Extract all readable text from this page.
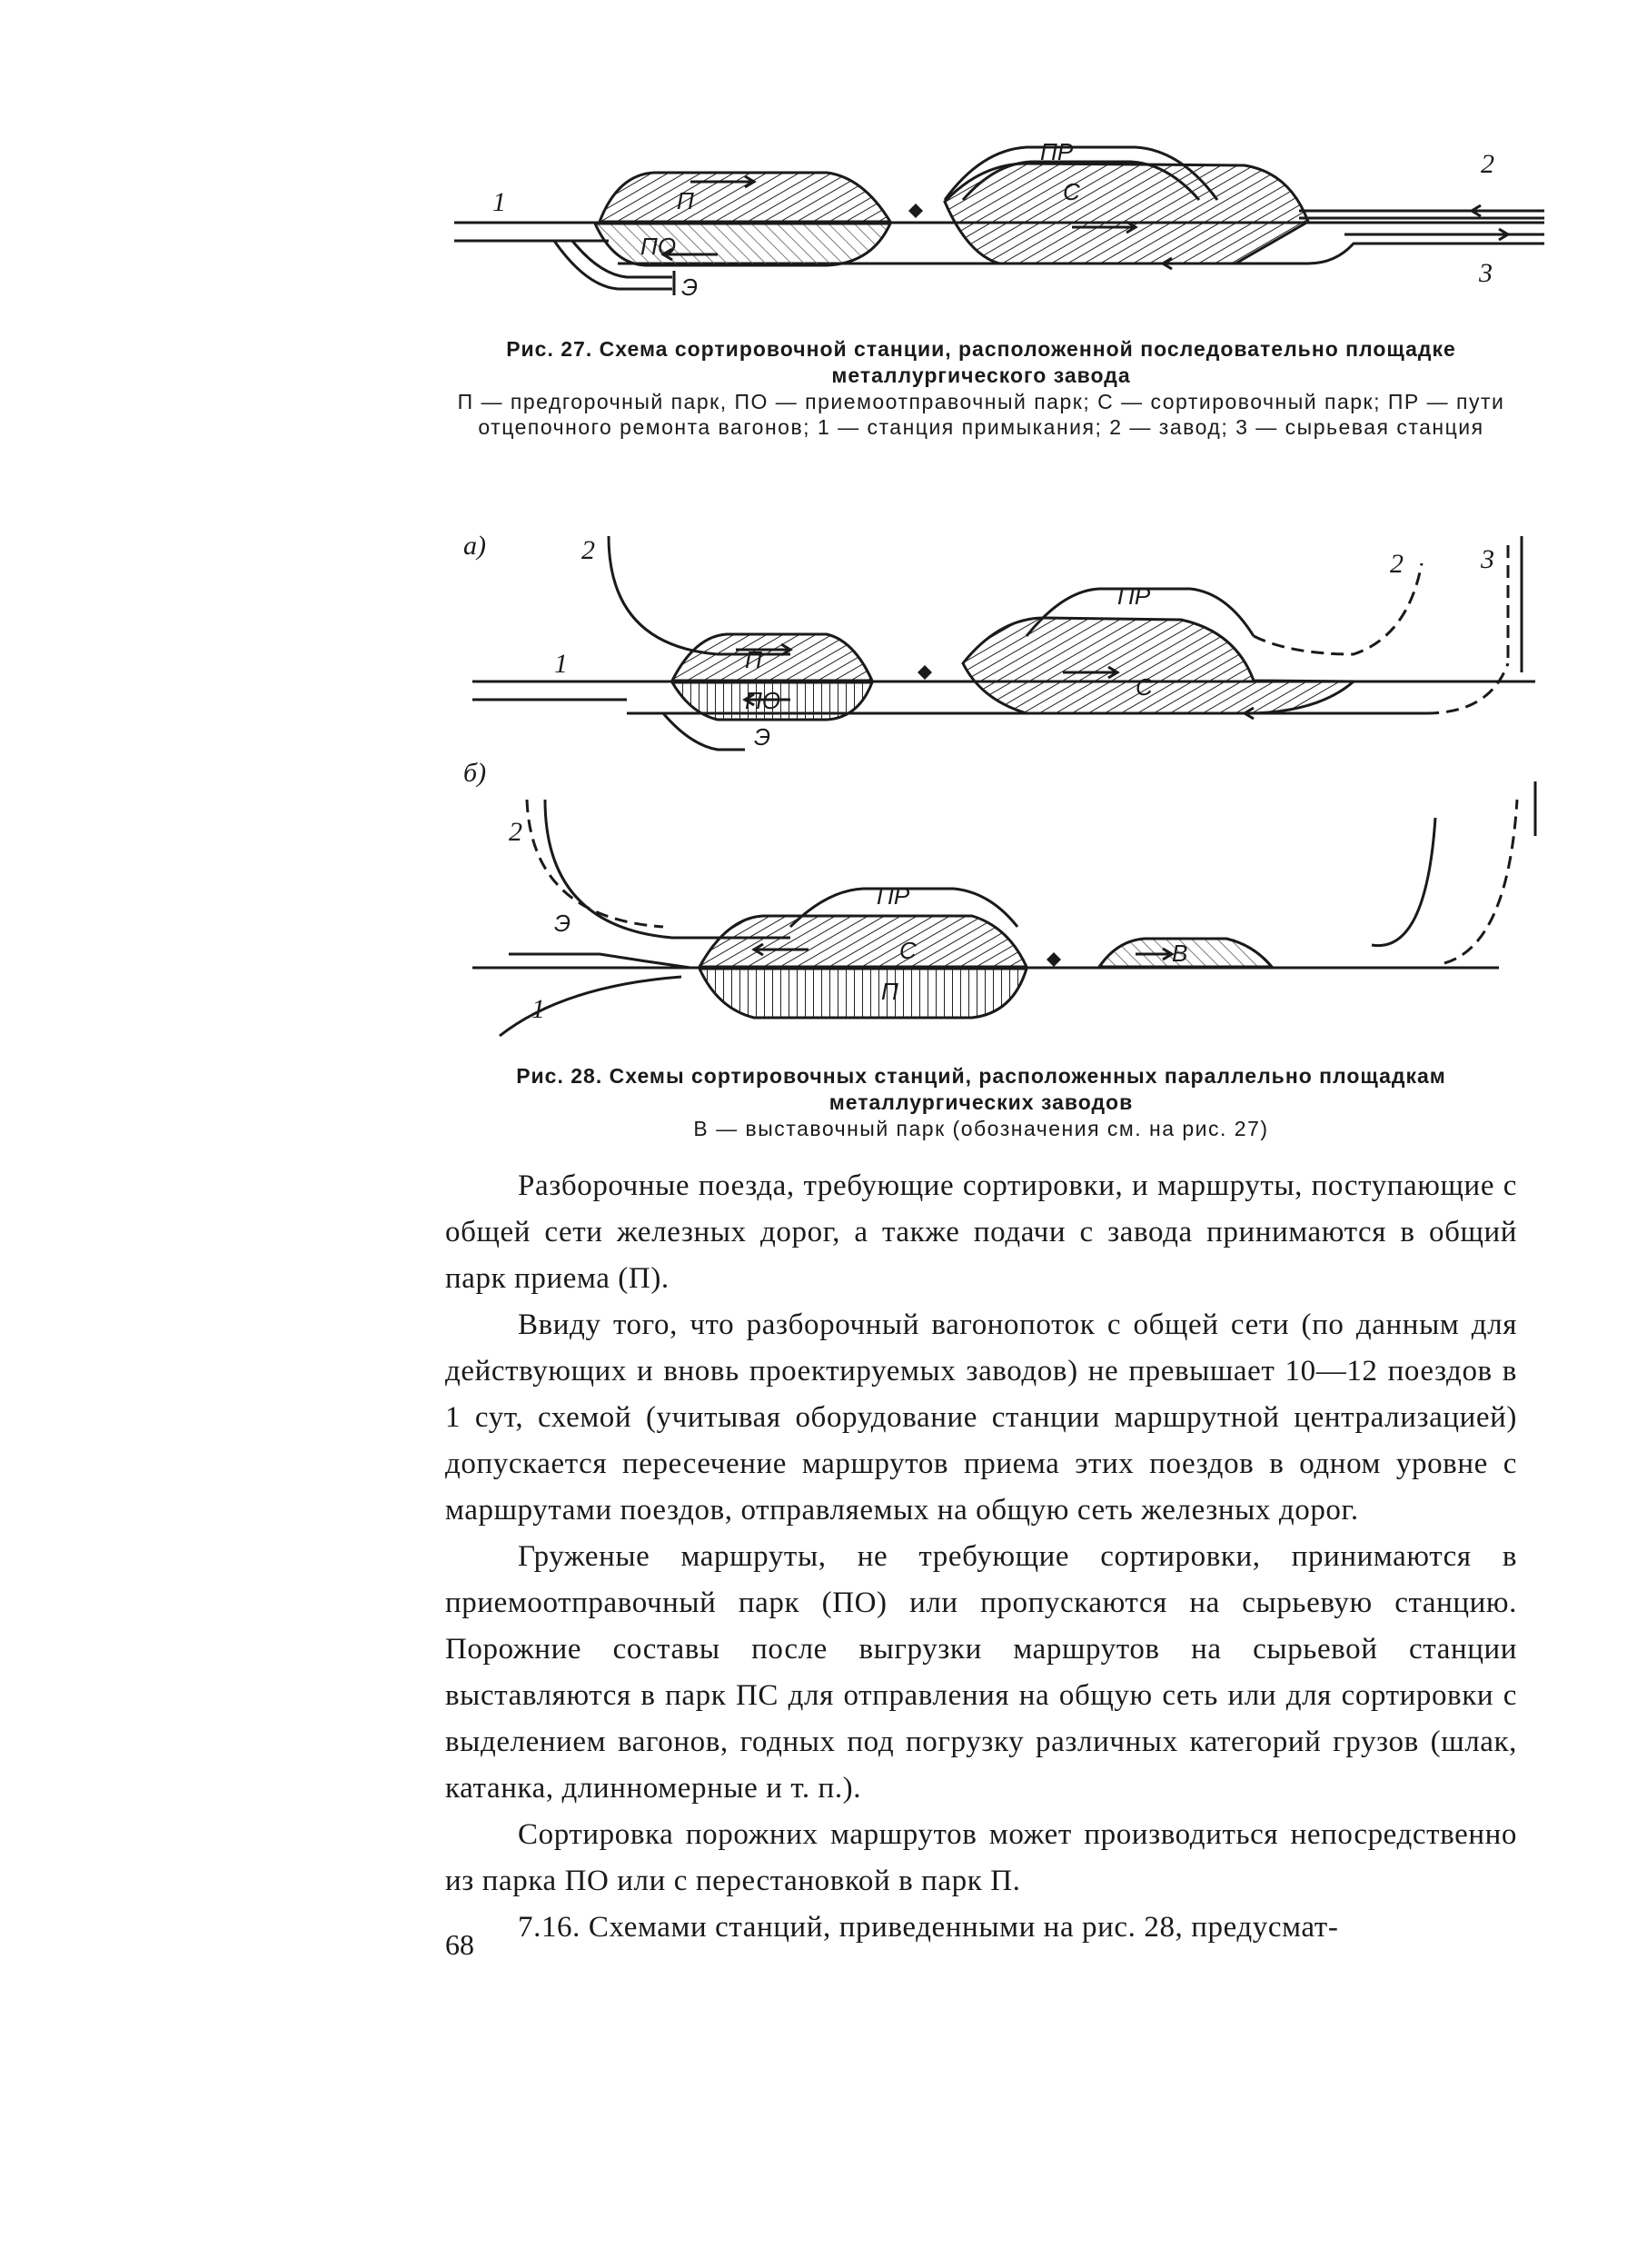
1
2
3
Э
П
ПО
С
ПР
Рис. 27. Схема сортировочной станции, расположенной последовательно площадке металлургического завода
П — предгорочный парк, ПО — приемоотправочный парк; С — сортировочный парк; ПР — пути отцепочного ремонта вагонов; 1 — станция примыкания; 2 — завод; 3 — сырьевая станция
а)	2	2	3
1
Э
П
ПО	С
ПР
б)
2
Э
1
С
П
ПР
В
Рис. 28. Схемы сортировочных станций, расположенных параллельно площадкам металлургических заводов
В — выставочный парк (обозначения см. на рис. 27)

Разборочные поезда, требующие сортировки, и маршруты, поступающие с общей сети железных дорог, а также подачи с завода принимаются в общий парк приема (П).

Ввиду того, что разборочный вагонопоток с общей сети (по данным для действующих и вновь проектируемых заводов) не превышает 10—12 поездов в 1 сут, схемой (учитывая оборудование станции маршрутной централизацией) допускается пересечение маршрутов приема этих поездов в одном уровне с маршрутами поездов, отправляемых на общую сеть железных дорог.

Груженые маршруты, не требующие сортировки, принимаются в приемоотправочный парк (ПО) или пропускаются на сырьевую станцию. Порожние составы после выгрузки маршрутов на сырьевой станции выставляются в парк ПС для отправления на общую сеть или для сортировки с выделением вагонов, годных под погрузку различных категорий грузов (шлак, катанка, длинномерные и т. п.).

Сортировка порожних маршрутов может производиться непосредственно из парка ПО или с перестановкой в парк П.

7.16. Схемами станций, приведенными на рис. 28, предусмат-

68
